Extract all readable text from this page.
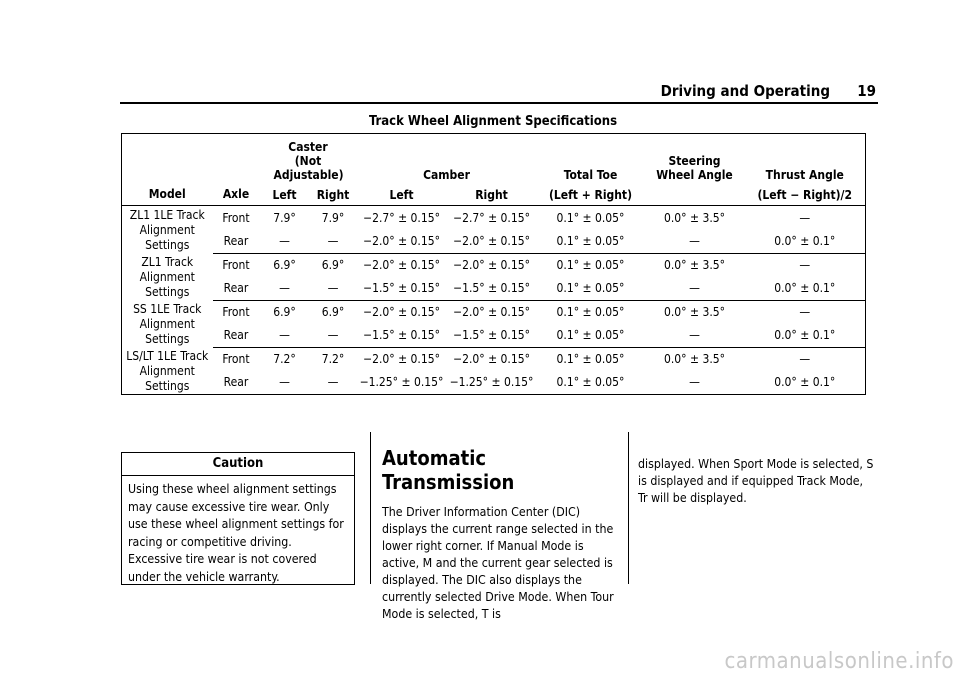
Driving and Operating 19
Track Wheel Alignment Specifications
Model	Axle	Caster (Not Adjustable)		Camber		Total Toe	Steering Wheel Angle	Thrust Angle
		Left	Right	Left	Right	(Left + Right)		(Left − Right)/2
ZL1 1LE Track Alignment Settings	Front	7.9°	7.9°	−2.7° ± 0.15°	−2.7° ± 0.15°	0.1° ± 0.05°	0.0° ± 3.5°	—
	Rear	—	—	−2.0° ± 0.15°	−2.0° ± 0.15°	0.1° ± 0.05°	—	0.0° ± 0.1°
ZL1 Track Alignment Settings	Front	6.9°	6.9°	−2.0° ± 0.15°	−2.0° ± 0.15°	0.1° ± 0.05°	0.0° ± 3.5°	—
	Rear	—	—	−1.5° ± 0.15°	−1.5° ± 0.15°	0.1° ± 0.05°	—	0.0° ± 0.1°
SS 1LE Track Alignment Settings	Front	6.9°	6.9°	−2.0° ± 0.15°	−2.0° ± 0.15°	0.1° ± 0.05°	0.0° ± 3.5°	—
	Rear	—	—	−1.5° ± 0.15°	−1.5° ± 0.15°	0.1° ± 0.05°	—	0.0° ± 0.1°
LS/LT 1LE Track Alignment Settings	Front	7.2°	7.2°	−2.0° ± 0.15°	−2.0° ± 0.15°	0.1° ± 0.05°	0.0° ± 3.5°	—
	Rear	—	—	−1.25° ± 0.15°	−1.25° ± 0.15°	0.1° ± 0.05°	—	0.0° ± 0.1°
Caution
Using these wheel alignment settings may cause excessive tire wear. Only use these wheel alignment settings for racing or competitive driving. Excessive tire wear is not covered under the vehicle warranty.
Automatic Transmission

The Driver Information Center (DIC) displays the current range selected in the lower right corner. If Manual Mode is active, M and the current gear selected is displayed. The DIC also displays the currently selected Drive Mode. When Tour Mode is selected, T is

displayed. When Sport Mode is selected, S is displayed and if equipped Track Mode, Tr will be displayed.
carmanualsonline.info
